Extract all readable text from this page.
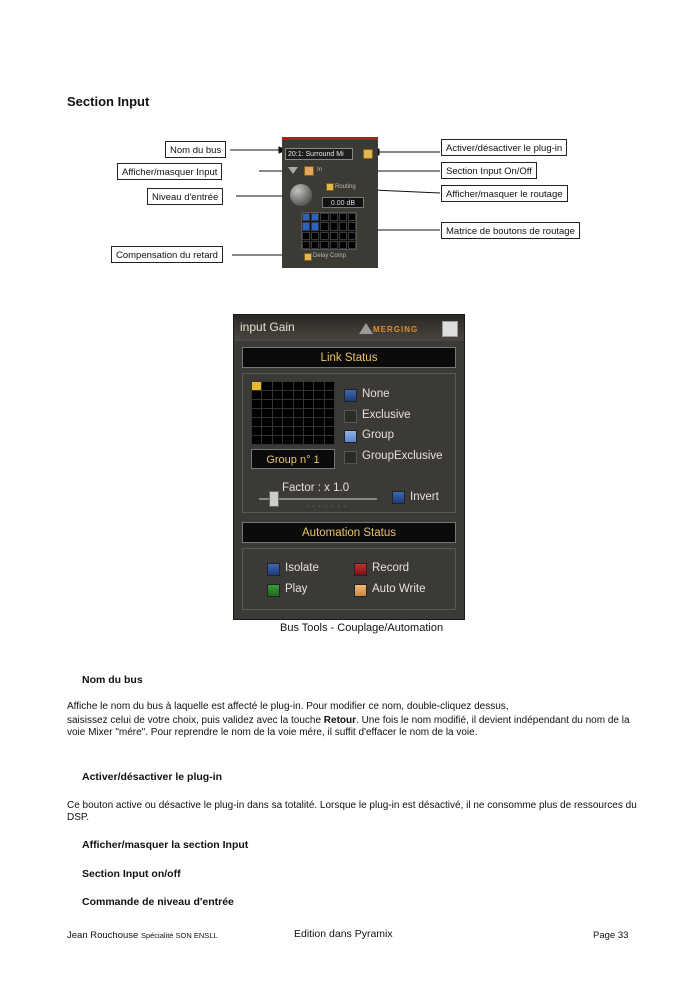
Section Input
Nom du bus
Afficher/masquer Input
Niveau d'entrée
Compensation du retard
Activer/désactiver le plug-in
Section Input On/Off
Afficher/masquer le routage
Matrice de boutons de routage
20:1: Surround Mi
In
Routing
0.00 dB
Delay Comp
input Gain	MERGING
Link Status
Group n° 1
None
Exclusive
Group
GroupExclusive
Factor : x 1.0
·······
Invert
Automation Status
Isolate	Record
Play	Auto Write
Bus Tools - Couplage/Automation
Nom du bus
Affiche le nom du bus à laquelle est affecté le plug-in. Pour modifier ce nom, double-cliquez dessus,
saisissez celui de votre choix, puis validez avec la touche Retour. Une fois le nom modifié, il devient indépendant du nom de la voie Mixer "mére". Pour reprendre le nom de la voie mére, il suffit d'effacer le nom de la voie.
Activer/désactiver le plug-in
Ce bouton active ou désactive le plug-in dans sa totalité. Lorsque le plug-in est désactivé, il ne consomme plus de ressources du DSP.
Afficher/masquer la section Input
Section Input on/off
Commande de niveau d'entrée
Jean Rouchouse Spécialité SON ENSLL	Edition dans Pyramix	Page 33
